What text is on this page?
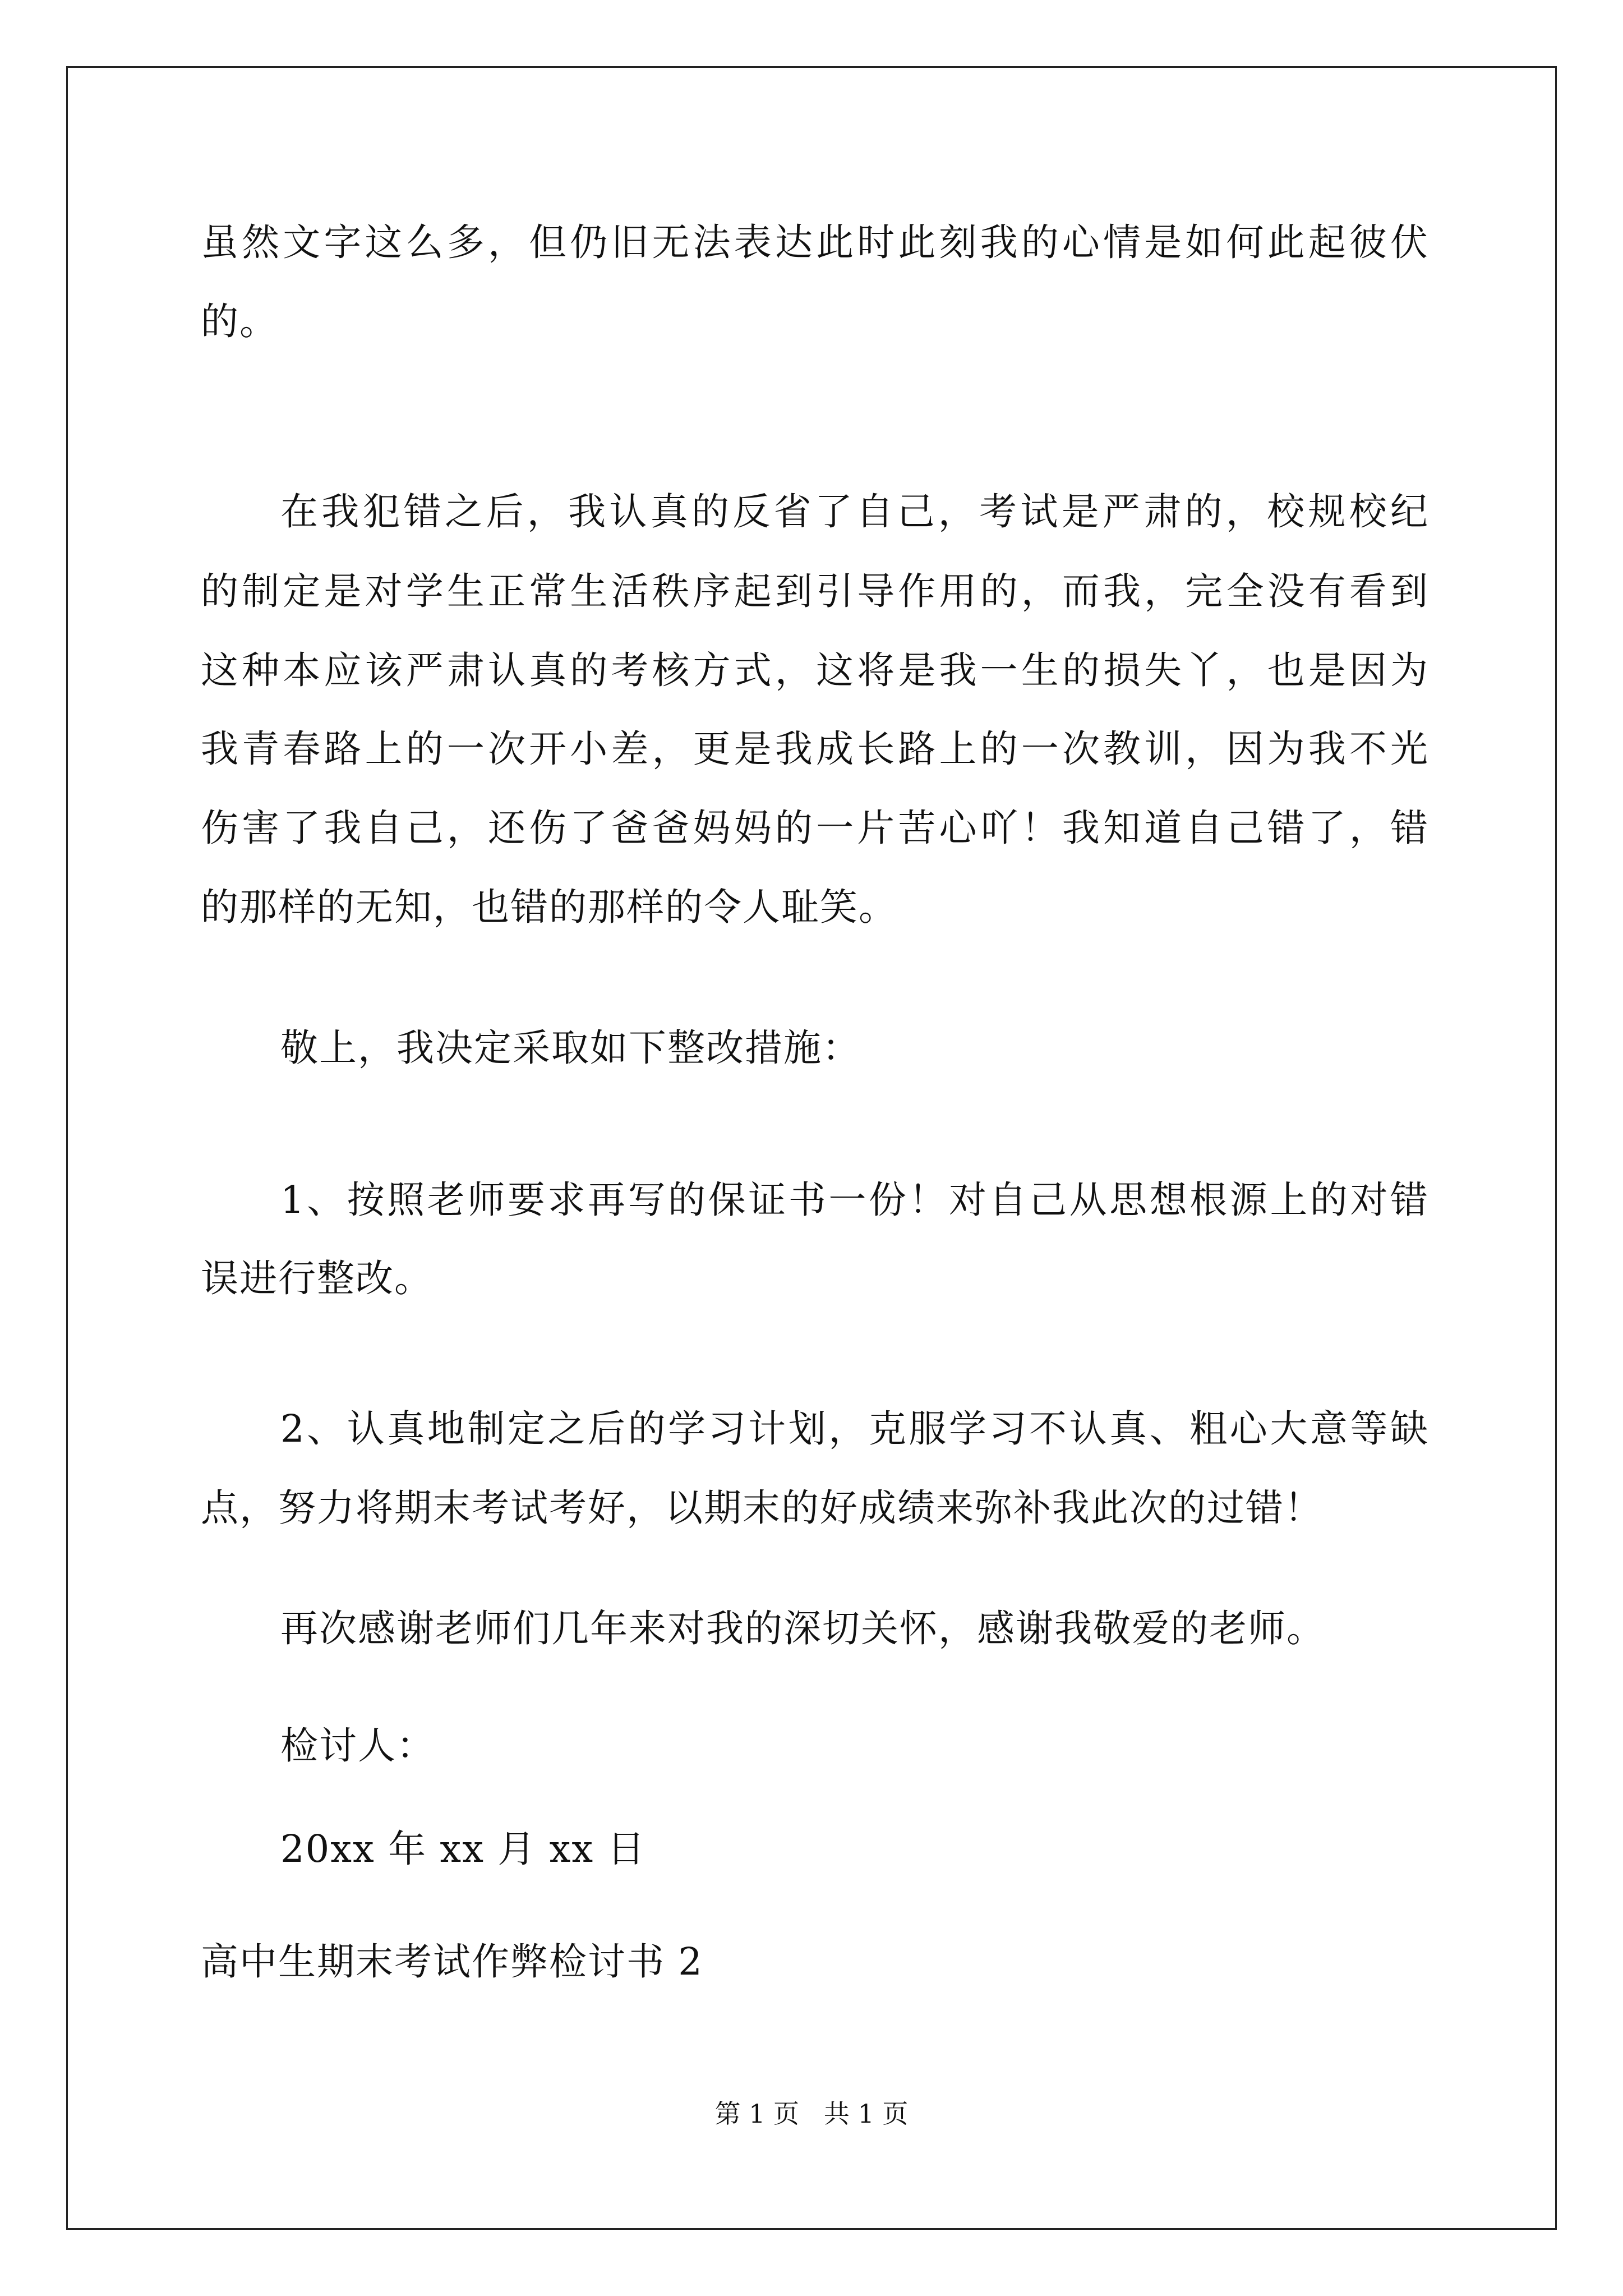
虽然文字这么多，但仍旧无法表达此时此刻我的心情是如何此起彼伏
的。
在我犯错之后，我认真的反省了自己，考试是严肃的，校规校纪
的制定是对学生正常生活秩序起到引导作用的，而我，完全没有看到
这种本应该严肃认真的考核方式，这将是我一生的损失丫，也是因为
我青春路上的一次开小差，更是我成长路上的一次教训，因为我不光
伤害了我自己，还伤了爸爸妈妈的一片苦心吖！我知道自己错了，错
的那样的无知，也错的那样的令人耻笑。
敬上，我决定采取如下整改措施：
1、按照老师要求再写的保证书一份！对自己从思想根源上的对错
误进行整改。
2、认真地制定之后的学习计划，克服学习不认真、粗心大意等缺
点，努力将期末考试考好，以期末的好成绩来弥补我此次的过错！
再次感谢老师们几年来对我的深切关怀，感谢我敬爱的老师。
检讨人：
20xx 年 xx 月 xx 日
高中生期末考试作弊检讨书 2
第 1 页   共 1 页
